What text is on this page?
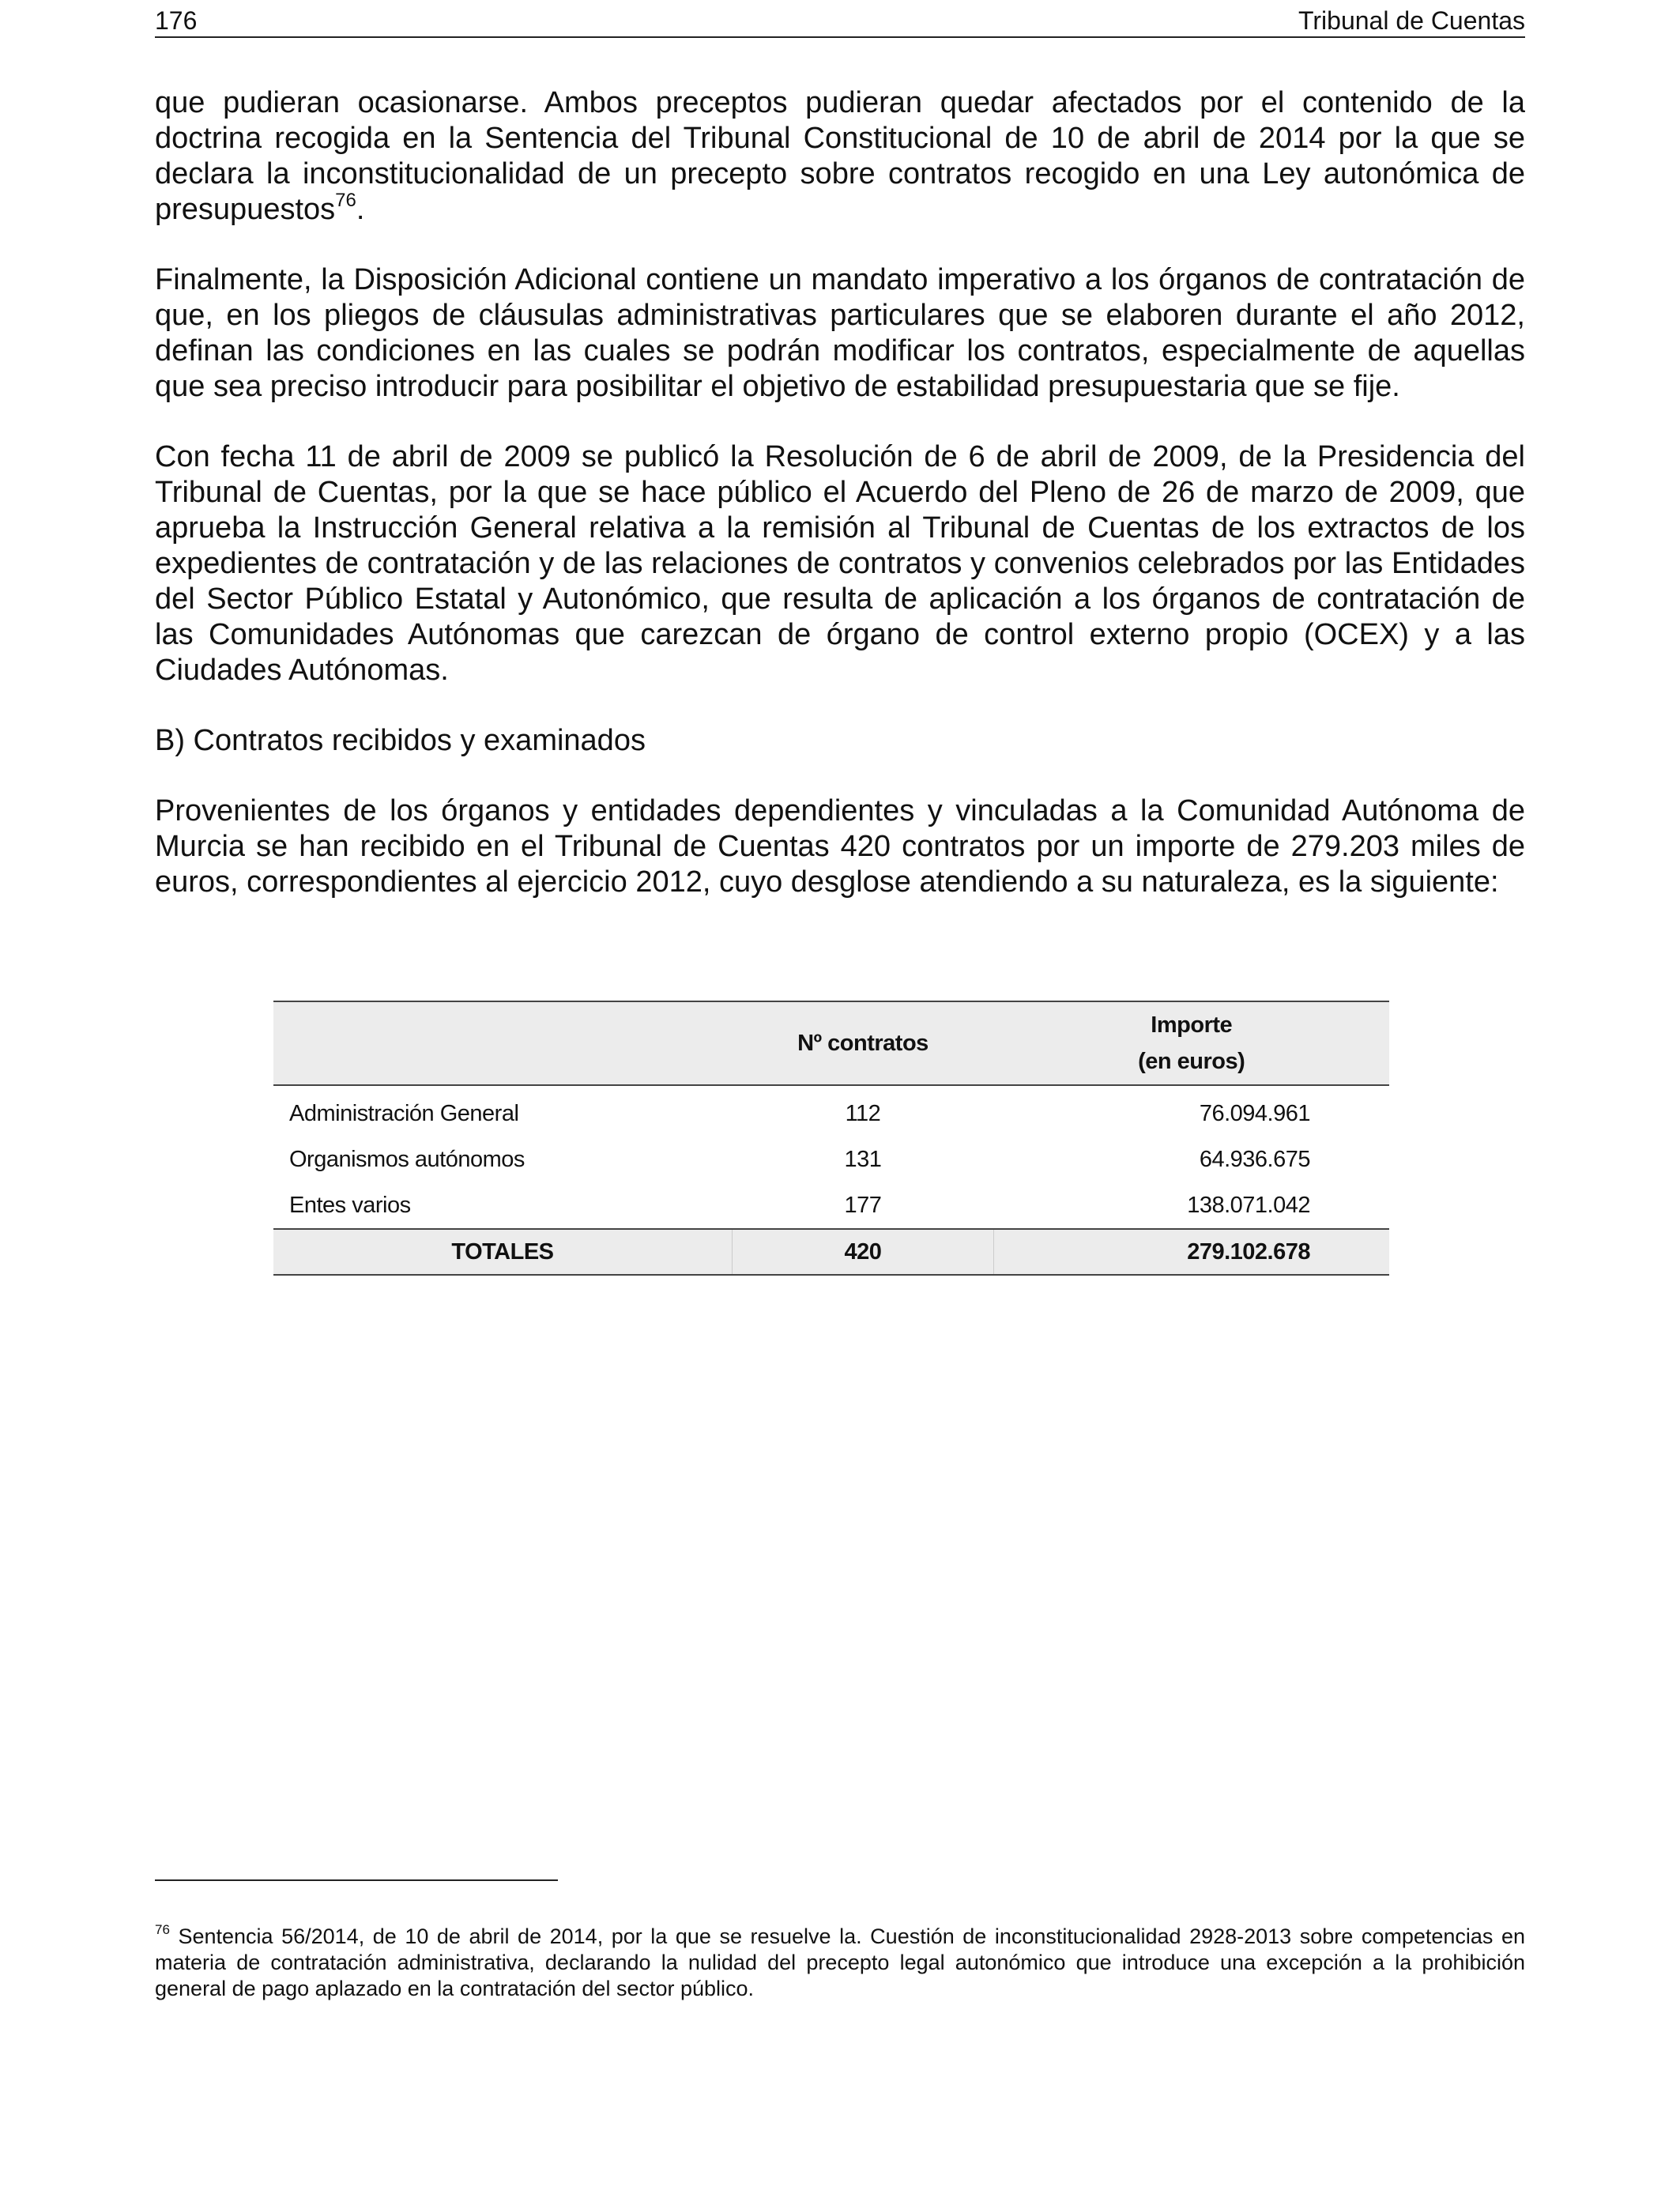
176	Tribunal de Cuentas

que pudieran ocasionarse. Ambos preceptos pudieran quedar afectados por el contenido de la doctrina recogida en la Sentencia del Tribunal Constitucional de 10 de abril de 2014 por la que se declara la inconstitucionalidad de un precepto sobre contratos recogido en una Ley autonómica de presupuestos$^{76}$.

Finalmente, la Disposición Adicional contiene un mandato imperativo a los órganos de contratación de que, en los pliegos de cláusulas administrativas particulares que se elaboren durante el año 2012, definan las condiciones en las cuales se podrán modificar los contratos, especialmente de aquellas que sea preciso introducir para posibilitar el objetivo de estabilidad presupuestaria que se fije.

Con fecha 11 de abril de 2009 se publicó la Resolución de 6 de abril de 2009, de la Presidencia del Tribunal de Cuentas, por la que se hace público el Acuerdo del Pleno de 26 de marzo de 2009, que aprueba la Instrucción General relativa a la remisión al Tribunal de Cuentas de los extractos de los expedientes de contratación y de las relaciones de contratos y convenios celebrados por las Entidades del Sector Público Estatal y Autonómico, que resulta de aplicación a los órganos de contratación de las Comunidades Autónomas que carezcan de órgano de control externo propio (OCEX) y a las Ciudades Autónomas.

B) Contratos recibidos y examinados

Provenientes de los órganos y entidades dependientes y vinculadas a la Comunidad Autónoma de Murcia se han recibido en el Tribunal de Cuentas 420 contratos por un importe de 279.203 miles de euros, correspondientes al ejercicio 2012, cuyo desglose atendiendo a su naturaleza, es la siguiente:

	Nº contratos	Importe
(en euros)

Administración General	112	76.094.961
Organismos autónomos	131	64.936.675
Entes varios	177	138.071.042
TOTALES	420	279.102.678
$^{76}$ Sentencia 56/2014, de 10 de abril de 2014, por la que se resuelve la. Cuestión de inconstitucionalidad 2928-2013 sobre competencias en materia de contratación administrativa, declarando la nulidad del precepto legal autonómico que introduce una excepción a la prohibición general de pago aplazado en la contratación del sector público.
